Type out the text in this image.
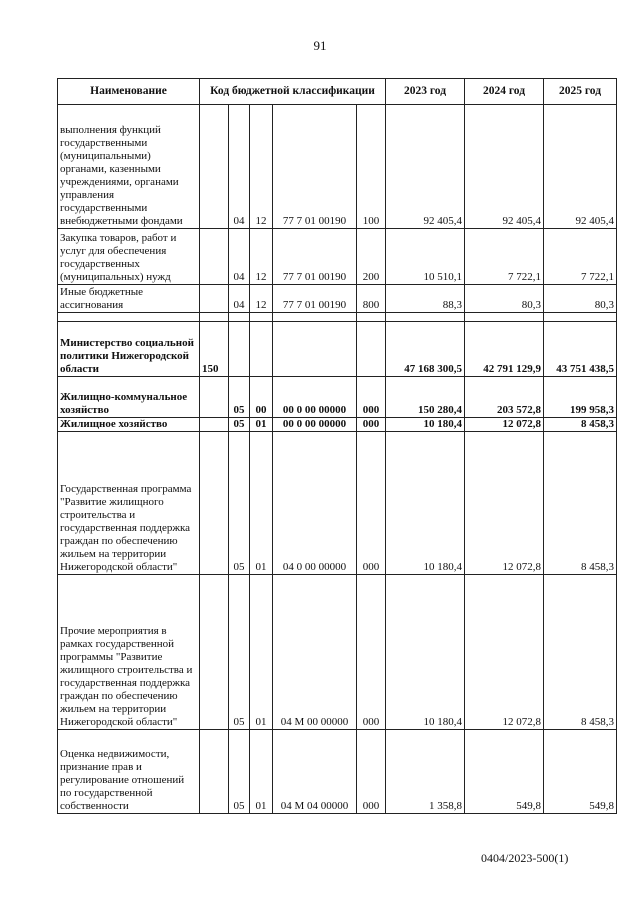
91
Наименование	Код бюджетной классификации					2023 год	2024 год	2025 год
выполнения функций государственными (муниципальными) органами, казенными учреждениями, органами управления государственными внебюджетными фондами		04	12	77 7 01 00190	100	92 405,4	92 405,4	92 405,4
Закупка товаров, работ и услуг для обеспечения государственных (муниципальных) нужд		04	12	77 7 01 00190	200	10 510,1	7 722,1	7 722,1
Иные бюджетные ассигнования		04	12	77 7 01 00190	800	88,3	80,3	80,3

Министерство социальной политики Нижегородской области	150					47 168 300,5	42 791 129,9	43 751 438,5
Жилищно-коммунальное хозяйство		05	00	00 0 00 00000	000	150 280,4	203 572,8	199 958,3
Жилищное хозяйство		05	01	00 0 00 00000	000	10 180,4	12 072,8	8 458,3
Государственная программа "Развитие жилищного строительства и государственная поддержка граждан по обеспечению жильем на территории Нижегородской области"		05	01	04 0 00 00000	000	10 180,4	12 072,8	8 458,3
Прочие мероприятия в рамках государственной программы "Развитие жилищного строительства и государственная поддержка граждан по обеспечению жильем на территории Нижегородской области"		05	01	04 М 00 00000	000	10 180,4	12 072,8	8 458,3
Оценка недвижимости, признание прав и регулирование отношений по государственной собственности		05	01	04 М 04 00000	000	1 358,8	549,8	549,8
0404/2023-500(1)
